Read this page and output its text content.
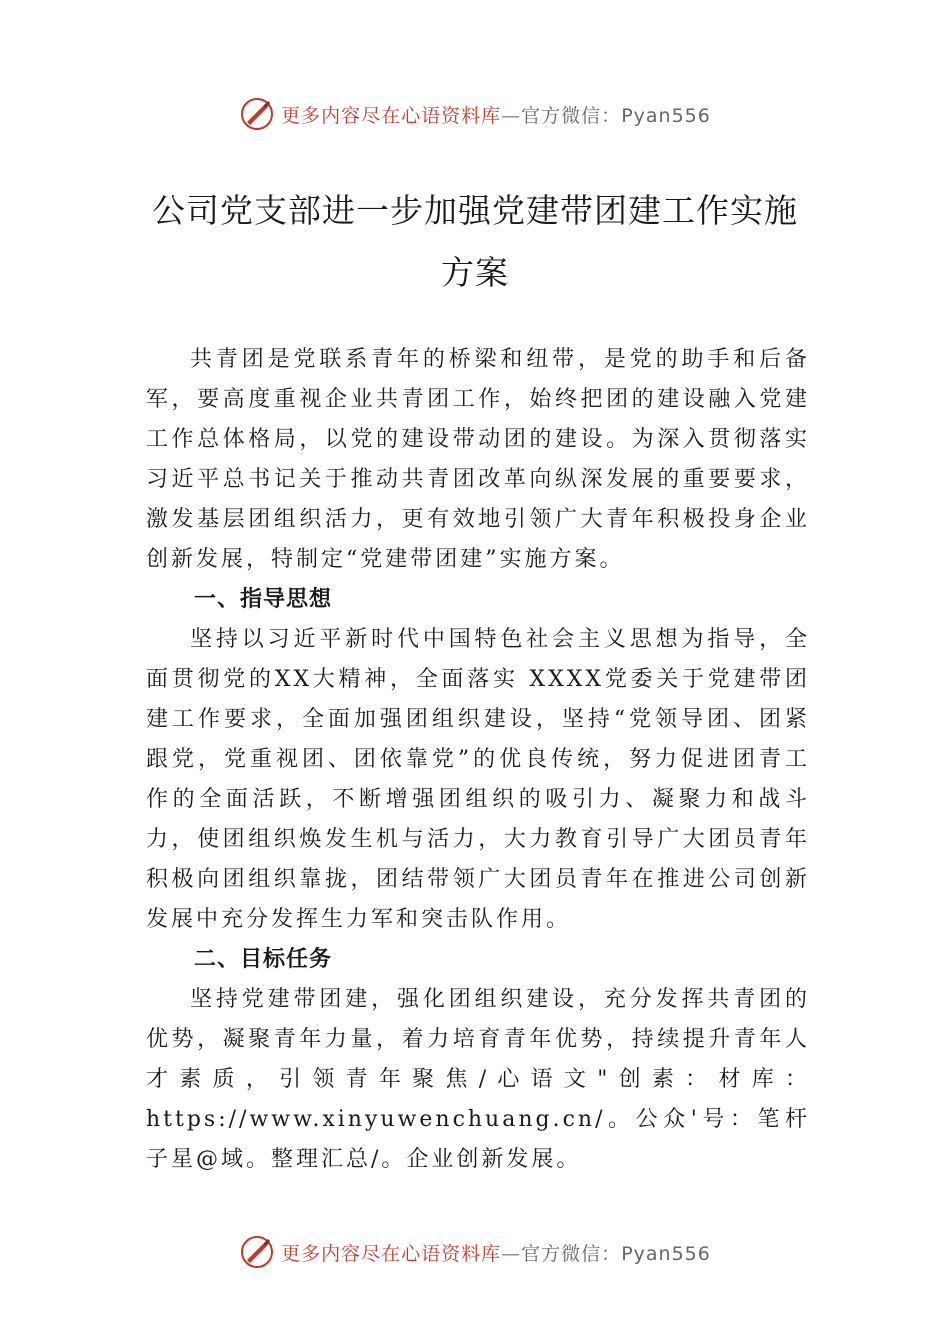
更多内容尽在心语资料库—官方微信：Pyan556
公司党支部进一步加强党建带团建工作实施方案

共青团是党联系青年的桥梁和纽带，是党的助手和后备军，要高度重视企业共青团工作，始终把团的建设融入党建工作总体格局，以党的建设带动团的建设。为深入贯彻落实习近平总书记关于推动共青团改革向纵深发展的重要要求， 激发基层团组织活力，更有效地引领广大青年积极投身企业创新发展，特制定“党建带团建”实施方案。

一、指导思想

坚持以习近平新时代中国特色社会主义思想为指导，全面贯彻党的XX大精神，全面落实 XXXX党委关于党建带团建工作要求，全面加强团组织建设，坚持“党领导团、团紧跟党，党重视团、团依靠党”的优良传统，努力促进团青工作的全面活跃，不断增强团组织的吸引力、凝聚力和战斗力，使团组织焕发生机与活力，大力教育引导广大团员青年积极向团组织靠拢，团结带领广大团员青年在推进公司创新发展中充分发挥生力军和突击队作用。

二、目标任务

坚持党建带团建，强化团组织建设，充分发挥共青团的优势，凝聚青年力量，着力培育青年优势，持续提升青年人才素质，引领青年聚焦/心语文"创素：材库：https://www.xinyuwenchuang.cn/。公众'号：笔杆子星@域。整理汇总/。企业创新发展。

更多内容尽在心语资料库—官方微信：Pyan556
